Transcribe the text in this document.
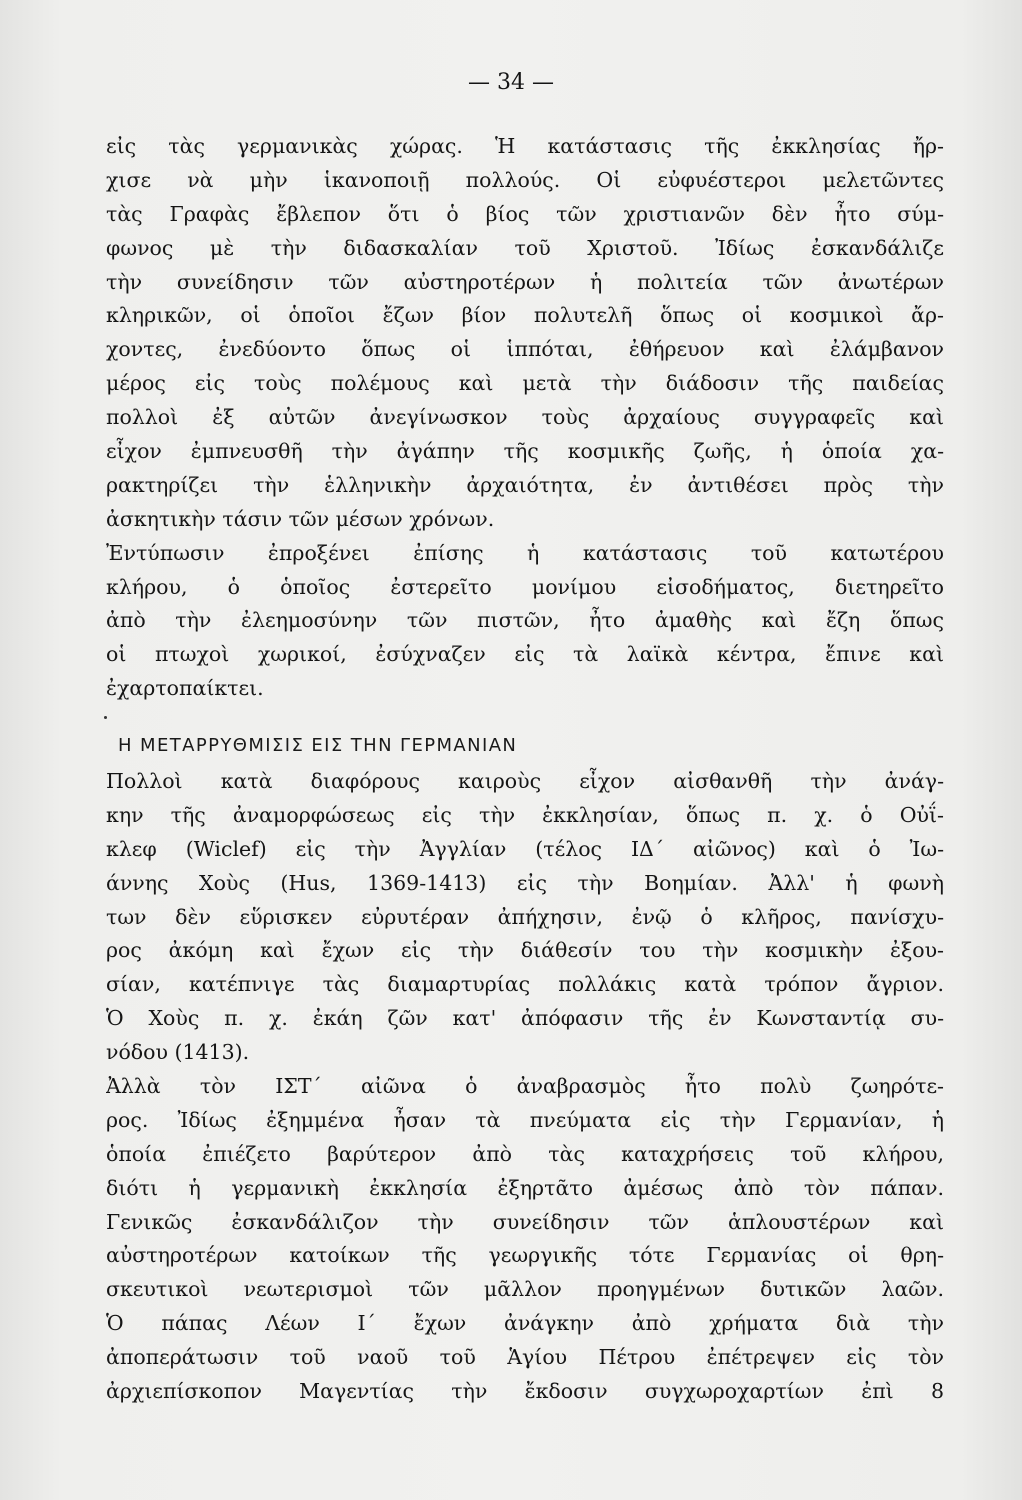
— 34 —
εἰς τὰς γερμανικὰς χώρας. Ἡ κατάστασις τῆς ἐκκλησίας ἤρ-
χισε νὰ μὴν ἱκανοποιῇ πολλούς. Οἱ εὐφυέστεροι μελετῶντες
τὰς Γραφὰς ἔβλεπον ὅτι ὁ βίος τῶν χριστιανῶν δὲν ἦτο σύμ-
φωνος μὲ τὴν διδασκαλίαν τοῦ Χριστοῦ. Ἰδίως ἐσκανδάλιζε
τὴν συνείδησιν τῶν αὐστηροτέρων ἡ πολιτεία τῶν ἀνωτέρων
κληρικῶν, οἱ ὁποῖοι ἔζων βίον πολυτελῆ ὅπως οἱ κοσμικοὶ ἄρ-
χοντες, ἐνεδύοντο ὅπως οἱ ἱππόται, ἐθήρευον καὶ ἐλάμβανον
μέρος εἰς τοὺς πολέμους καὶ μετὰ τὴν διάδοσιν τῆς παιδείας
πολλοὶ ἐξ αὐτῶν ἀνεγίνωσκον τοὺς ἀρχαίους συγγραφεῖς καὶ
εἶχον ἐμπνευσθῆ τὴν ἀγάπην τῆς κοσμικῆς ζωῆς, ἡ ὁποία χα-
ρακτηρίζει τὴν ἑλληνικὴν ἀρχαιότητα, ἐν ἀντιθέσει πρὸς τὴν
ἀσκητικὴν τάσιν τῶν μέσων χρόνων.
Ἐντύπωσιν ἐπροξένει ἐπίσης ἡ κατάστασις τοῦ κατωτέρου
κλήρου, ὁ ὁποῖος ἐστερεῖτο μονίμου εἰσοδήματος, διετηρεῖτο
ἀπὸ τὴν ἐλεημοσύνην τῶν πιστῶν, ἦτο ἀμαθὴς καὶ ἔζη ὅπως
οἱ πτωχοὶ χωρικοί, ἐσύχναζεν εἰς τὰ λαϊκὰ κέντρα, ἔπινε καὶ
ἐχαρτοπαίκτει.
Η ΜΕΤΑΡΡΥΘΜΙΣΙΣ ΕΙΣ ΤΗΝ ΓΕΡΜΑΝΙΑΝ
Πολλοὶ κατὰ διαφόρους καιροὺς εἶχον αἰσθανθῆ τὴν ἀνάγ-
κην τῆς ἀναμορφώσεως εἰς τὴν ἐκκλησίαν, ὅπως π. χ. ὁ Οὐΐ-
κλεφ (Wiclef) εἰς τὴν Ἀγγλίαν (τέλος ΙΔ΄ αἰῶνος) καὶ ὁ Ἰω-
άννης Χοὺς (Hus, 1369-1413) εἰς τὴν Βοημίαν. Ἀλλ' ἡ φωνὴ
των δὲν εὕρισκεν εὐρυτέραν ἀπήχησιν, ἐνῷ ὁ κλῆρος, πανίσχυ-
ρος ἀκόμη καὶ ἔχων εἰς τὴν διάθεσίν του τὴν κοσμικὴν ἐξου-
σίαν, κατέπνιγε τὰς διαμαρτυρίας πολλάκις κατὰ τρόπον ἄγριον.
Ὁ Χοὺς π. χ. ἐκάη ζῶν κατ' ἀπόφασιν τῆς ἐν Κωνσταντίᾳ συ-
νόδου (1413).
Ἀλλὰ τὸν ΙΣΤ΄ αἰῶνα ὁ ἀναβρασμὸς ἦτο πολὺ ζωηρότε-
ρος. Ἰδίως ἐξημμένα ἦσαν τὰ πνεύματα εἰς τὴν Γερμανίαν, ἡ
ὁποία ἐπιέζετο βαρύτερον ἀπὸ τὰς καταχρήσεις τοῦ κλήρου,
διότι ἡ γερμανικὴ ἐκκλησία ἐξηρτᾶτο ἀμέσως ἀπὸ τὸν πάπαν.
Γενικῶς ἐσκανδάλιζον τὴν συνείδησιν τῶν ἁπλουστέρων καὶ
αὐστηροτέρων κατοίκων τῆς γεωργικῆς τότε Γερμανίας οἱ θρη-
σκευτικοὶ νεωτερισμοὶ τῶν μᾶλλον προηγμένων δυτικῶν λαῶν.
Ὁ πάπας Λέων Ι΄ ἔχων ἀνάγκην ἀπὸ χρήματα διὰ τὴν
ἀποπεράτωσιν τοῦ ναοῦ τοῦ Ἁγίου Πέτρου ἐπέτρεψεν εἰς τὸν
ἀρχιεπίσκοπον Μαγεντίας τὴν ἔκδοσιν συγχωροχαρτίων ἐπὶ 8
